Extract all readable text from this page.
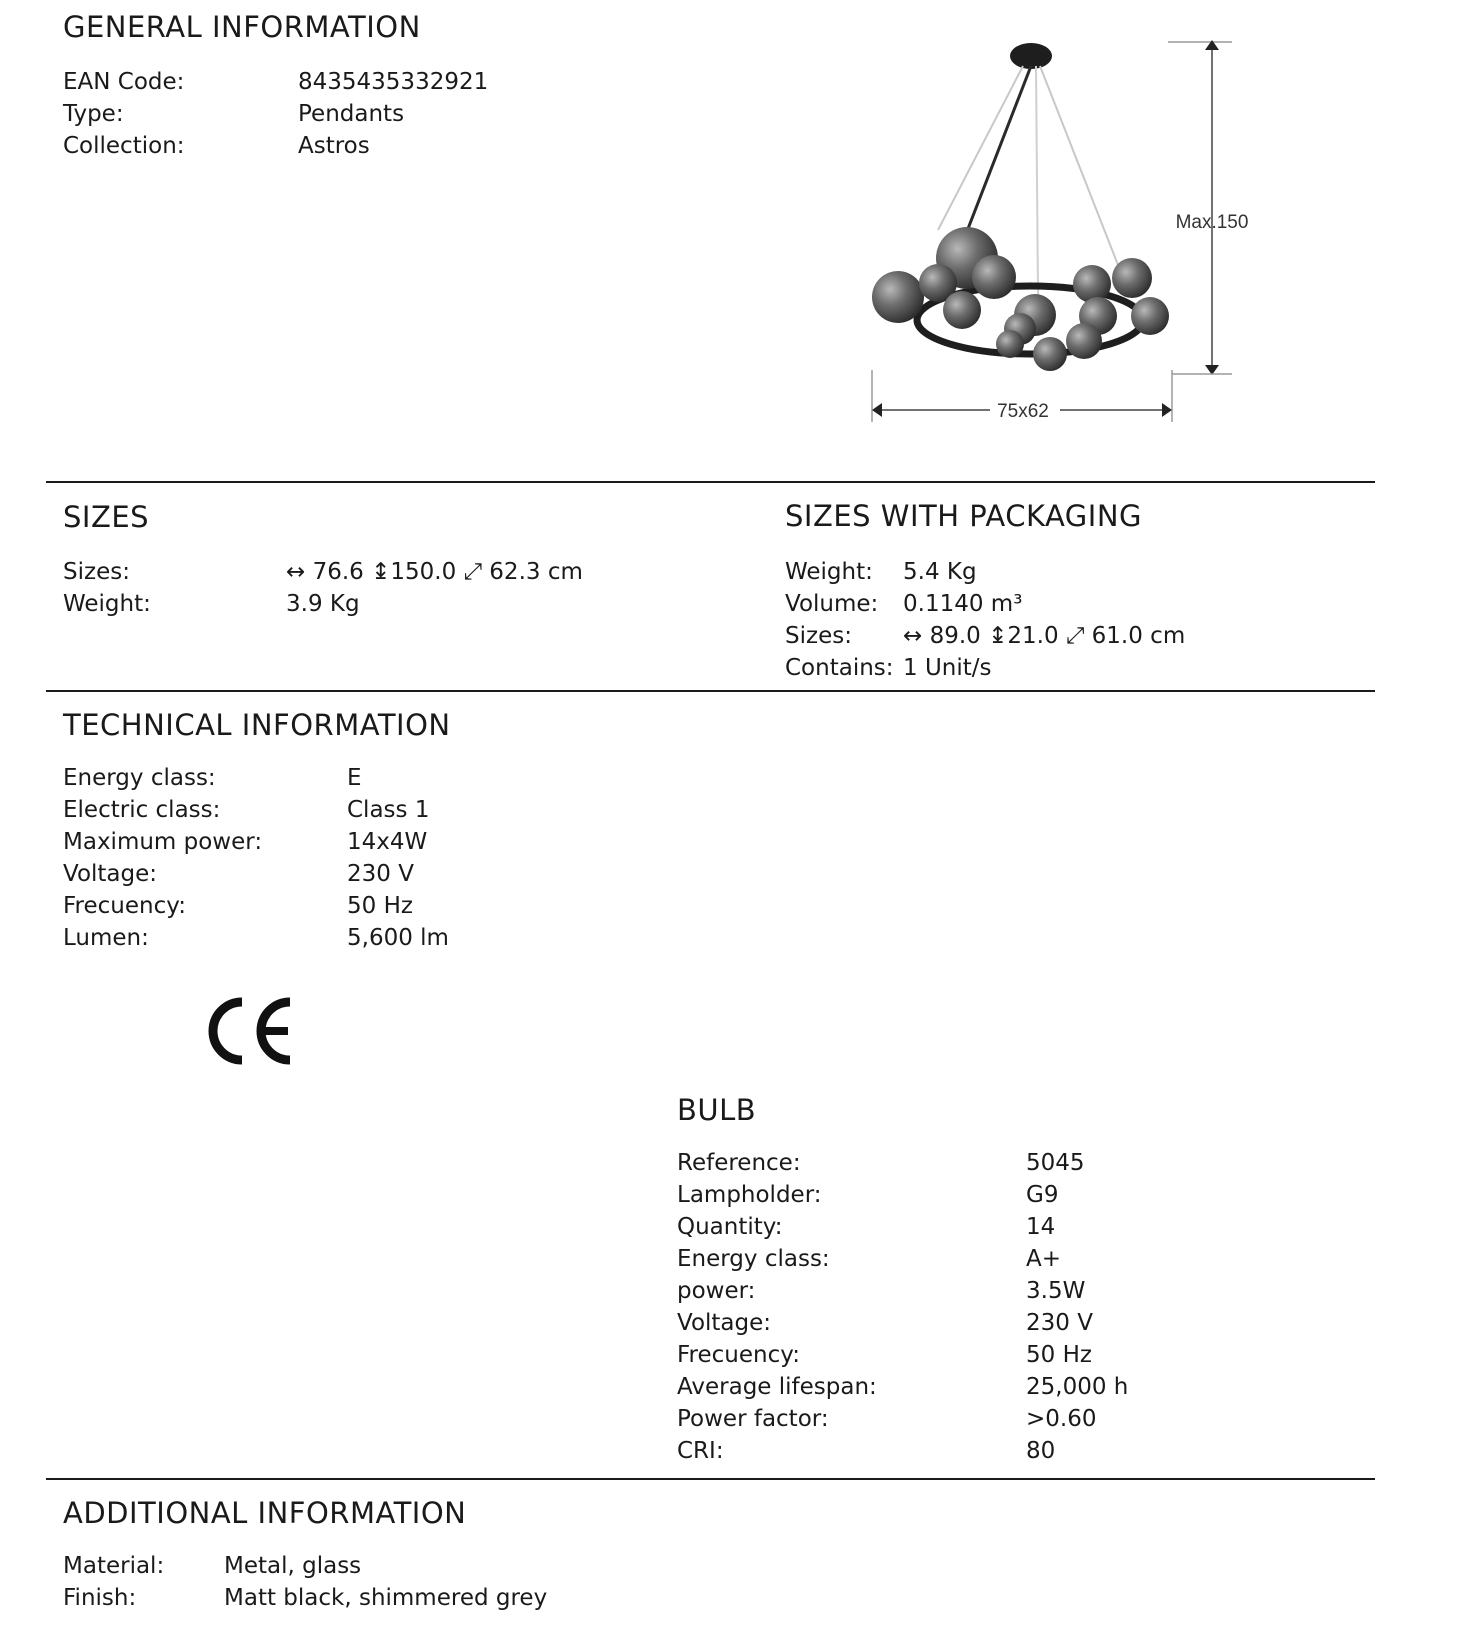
GENERAL INFORMATION
EAN Code:	8435435332921
Type:	Pendants
Collection:	Astros
Max.150
75x62
SIZES
Sizes:	↔ 76.6 ↨150.0 ⤢ 62.3 cm
Weight:	3.9 Kg
SIZES WITH PACKAGING
Weight: 5.4 Kg
Volume: 0.1140 m³
Sizes: ↔ 89.0 ↨21.0 ⤢ 61.0 cm
Contains: 1 Unit/s
TECHNICAL INFORMATION
Energy class:	E
Electric class:	Class 1
Maximum power:	14x4W
Voltage:	230 V
Frecuency:	50 Hz
Lumen:	5,600 lm
BULB
Reference:	5045
Lampholder:	G9
Quantity:	14
Energy class:	A+
power:	3.5W
Voltage:	230 V
Frecuency:	50 Hz
Average lifespan:	25,000 h
Power factor:	>0.60
CRI:	80
ADDITIONAL INFORMATION
Material:	Metal, glass
Finish:	Matt black, shimmered grey
